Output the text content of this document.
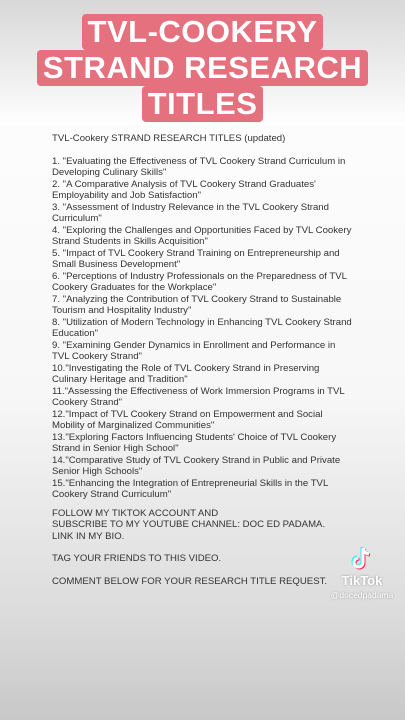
TVL-COOKERY
STRAND RESEARCH
TITLES
TVL-Cookery STRAND RESEARCH TITLES (updated)
1. "Evaluating the Effectiveness of TVL Cookery Strand Curriculum in Developing Culinary Skills"
2. "A Comparative Analysis of TVL Cookery Strand Graduates' Employability and Job Satisfaction"
3. "Assessment of Industry Relevance in the TVL Cookery Strand Curriculum"
4. "Exploring the Challenges and Opportunities Faced by TVL Cookery Strand Students in Skills Acquisition"
5. "Impact of TVL Cookery Strand Training on Entrepreneurship and Small Business Development"
6. "Perceptions of Industry Professionals on the Preparedness of TVL Cookery Graduates for the Workplace"
7. "Analyzing the Contribution of TVL Cookery Strand to Sustainable Tourism and Hospitality Industry"
8. "Utilization of Modern Technology in Enhancing TVL Cookery Strand Education"
9. "Examining Gender Dynamics in Enrollment and Performance in TVL Cookery Strand"
10."Investigating the Role of TVL Cookery Strand in Preserving Culinary Heritage and Tradition"
11."Assessing the Effectiveness of Work Immersion Programs in TVL Cookery Strand"
12."Impact of TVL Cookery Strand on Empowerment and Social Mobility of Marginalized Communities"
13."Exploring Factors Influencing Students' Choice of TVL Cookery Strand in Senior High School"
14."Comparative Study of TVL Cookery Strand in Public and Private Senior High Schools"
15."Enhancing the Integration of Entrepreneurial Skills in the TVL Cookery Strand Curriculum"

FOLLOW MY TIKTOK ACCOUNT AND
SUBSCRIBE TO MY YOUTUBE CHANNEL: DOC ED PADAMA.
LINK IN MY BIO.

TAG YOUR FRIENDS TO THIS VIDEO.

COMMENT BELOW FOR YOUR RESEARCH TITLE REQUEST.	TikTok
@docedpadama
